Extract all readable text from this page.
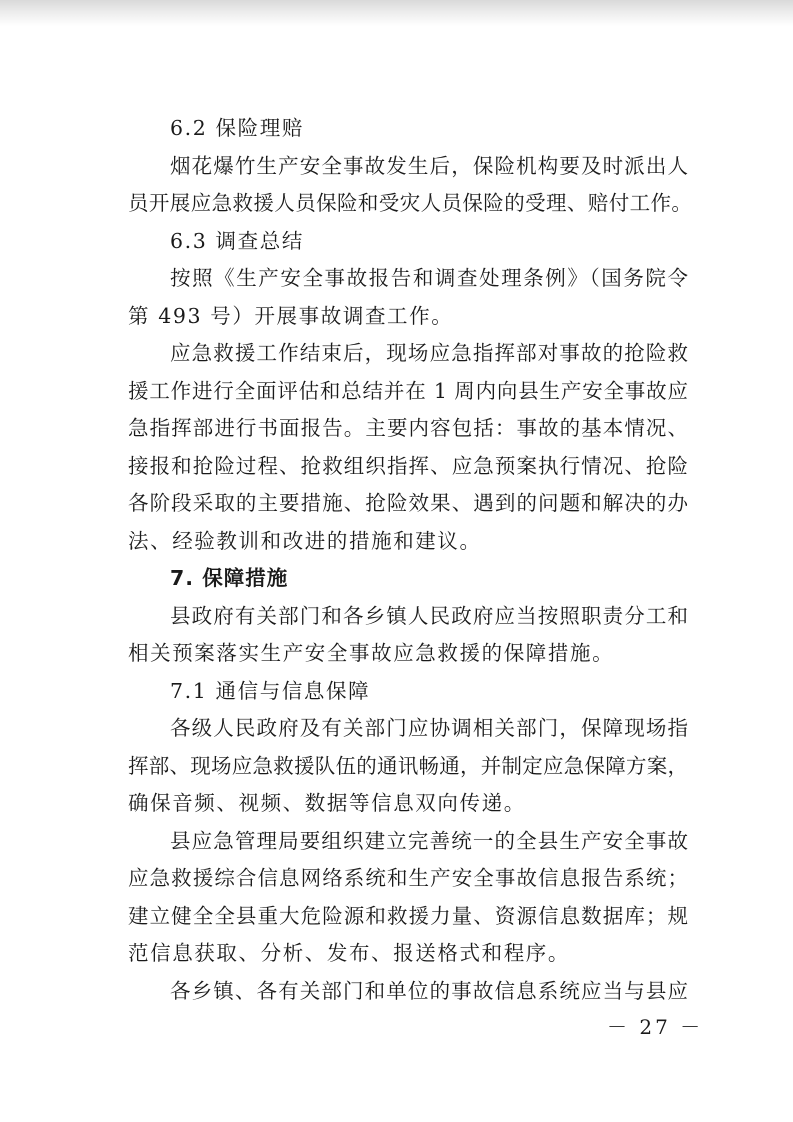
6.2 保险理赔
烟花爆竹生产安全事故发生后，保险机构要及时派出人
员开展应急救援人员保险和受灾人员保险的受理、赔付工作。
6.3 调查总结
按照《生产安全事故报告和调查处理条例》（国务院令
第 493 号）开展事故调查工作。
应急救援工作结束后，现场应急指挥部对事故的抢险救
援工作进行全面评估和总结并在 1 周内向县生产安全事故应
急指挥部进行书面报告。主要内容包括：事故的基本情况、
接报和抢险过程、抢救组织指挥、应急预案执行情况、抢险
各阶段采取的主要措施、抢险效果、遇到的问题和解决的办
法、经验教训和改进的措施和建议。
7. 保障措施
县政府有关部门和各乡镇人民政府应当按照职责分工和
相关预案落实生产安全事故应急救援的保障措施。
7.1 通信与信息保障
各级人民政府及有关部门应协调相关部门，保障现场指
挥部、现场应急救援队伍的通讯畅通，并制定应急保障方案，
确保音频、视频、数据等信息双向传递。
县应急管理局要组织建立完善统一的全县生产安全事故
应急救援综合信息网络系统和生产安全事故信息报告系统；
建立健全全县重大危险源和救援力量、资源信息数据库；规
范信息获取、分析、发布、报送格式和程序。
各乡镇、各有关部门和单位的事故信息系统应当与县应
－ 27 －
